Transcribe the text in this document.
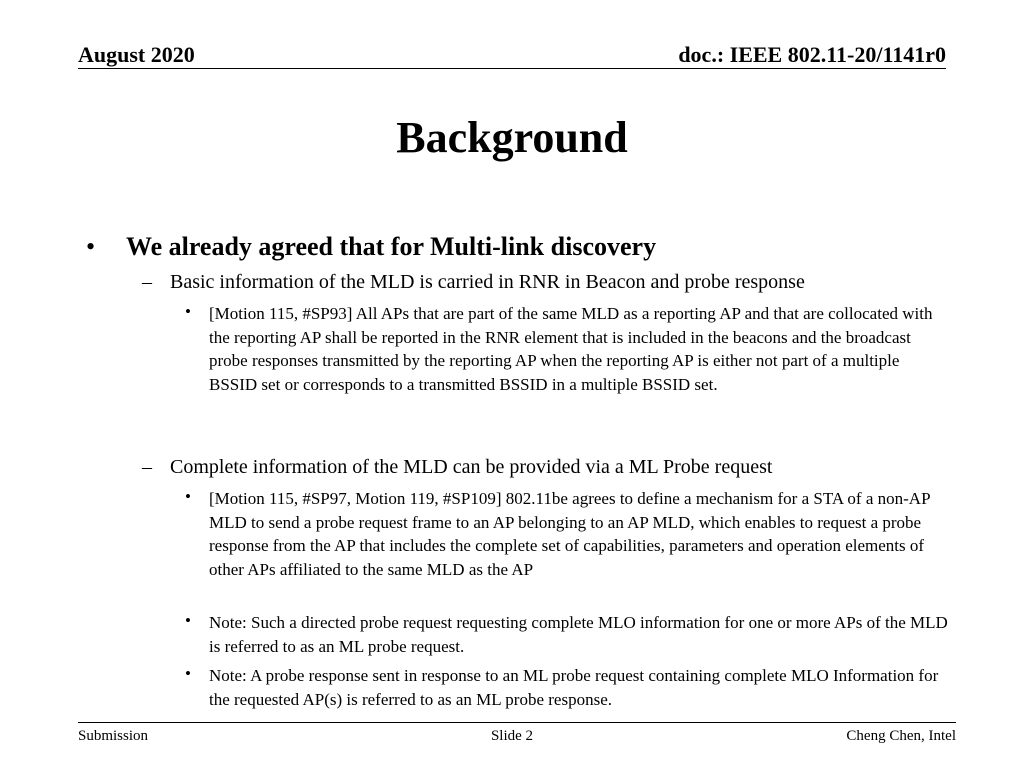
August 2020	doc.: IEEE 802.11-20/1141r0
Background
• We already agreed that for Multi-link discovery
– Basic information of the MLD is carried in RNR in Beacon and probe response
• [Motion 115, #SP93] All APs that are part of the same MLD as a reporting AP and that are collocated with the reporting AP shall be reported in the RNR element that is included in the beacons and the broadcast probe responses transmitted by the reporting AP when the reporting AP is either not part of a multiple BSSID set or corresponds to a transmitted BSSID in a multiple BSSID set.
– Complete information of the MLD can be provided via a ML Probe request
• [Motion 115, #SP97, Motion 119, #SP109] 802.11be agrees to define a mechanism for a STA of a non-AP MLD to send a probe request frame to an AP belonging to an AP MLD, which enables to request a probe response from the AP that includes the complete set of capabilities, parameters and operation elements of other APs affiliated to the same MLD as the AP
• Note: Such a directed probe request requesting complete MLO information for one or more APs of the MLD is referred to as an ML probe request.
• Note: A probe response sent in response to an ML probe request containing complete MLO Information for the requested AP(s) is referred to as an ML probe response.
Submission	Slide 2	Cheng Chen, Intel
